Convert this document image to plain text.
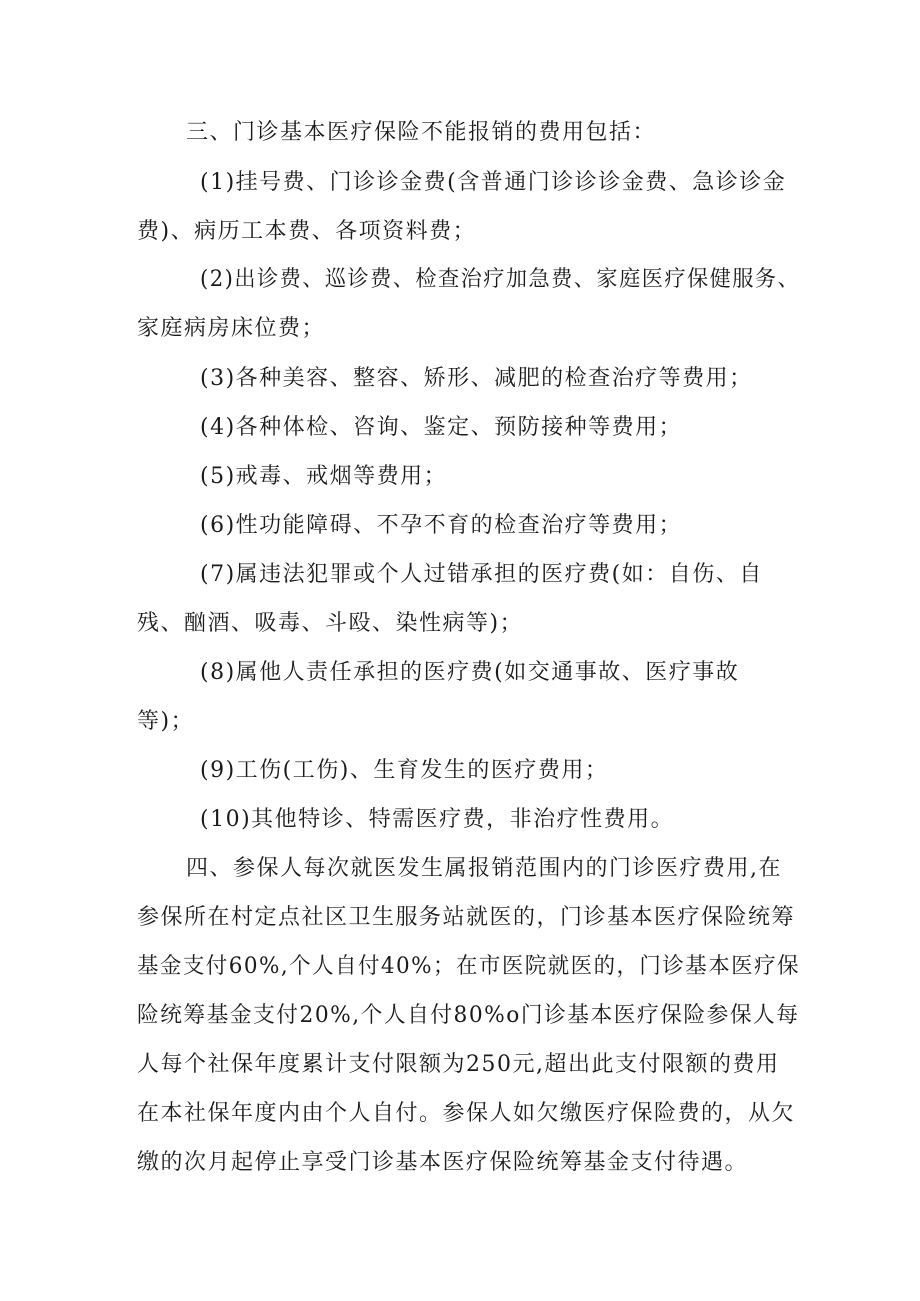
三、门诊基本医疗保险不能报销的费用包括：
(1)挂号费、门诊诊金费(含普通门诊诊诊金费、急诊诊金
费)、病历工本费、各项资料费；
(2)出诊费、巡诊费、检查治疗加急费、家庭医疗保健服务、
家庭病房床位费；
(3)各种美容、整容、矫形、减肥的检查治疗等费用；
(4)各种体检、咨询、鉴定、预防接种等费用；
(5)戒毒、戒烟等费用；
(6)性功能障碍、不孕不育的检查治疗等费用；
(7)属违法犯罪或个人过错承担的医疗费(如：自伤、自
残、酗酒、吸毒、斗殴、染性病等)；
(8)属他人责任承担的医疗费(如交通事故、医疗事故
等)；
(9)工伤(工伤)、生育发生的医疗费用；
(10)其他特诊、特需医疗费，非治疗性费用。
四、参保人每次就医发生属报销范围内的门诊医疗费用,在
参保所在村定点社区卫生服务站就医的，门诊基本医疗保险统筹
基金支付60%,个人自付40%；在市医院就医的，门诊基本医疗保
险统筹基金支付20%,个人自付80%o门诊基本医疗保险参保人每
人每个社保年度累计支付限额为250元,超出此支付限额的费用
在本社保年度内由个人自付。参保人如欠缴医疗保险费的，从欠
缴的次月起停止享受门诊基本医疗保险统筹基金支付待遇。
